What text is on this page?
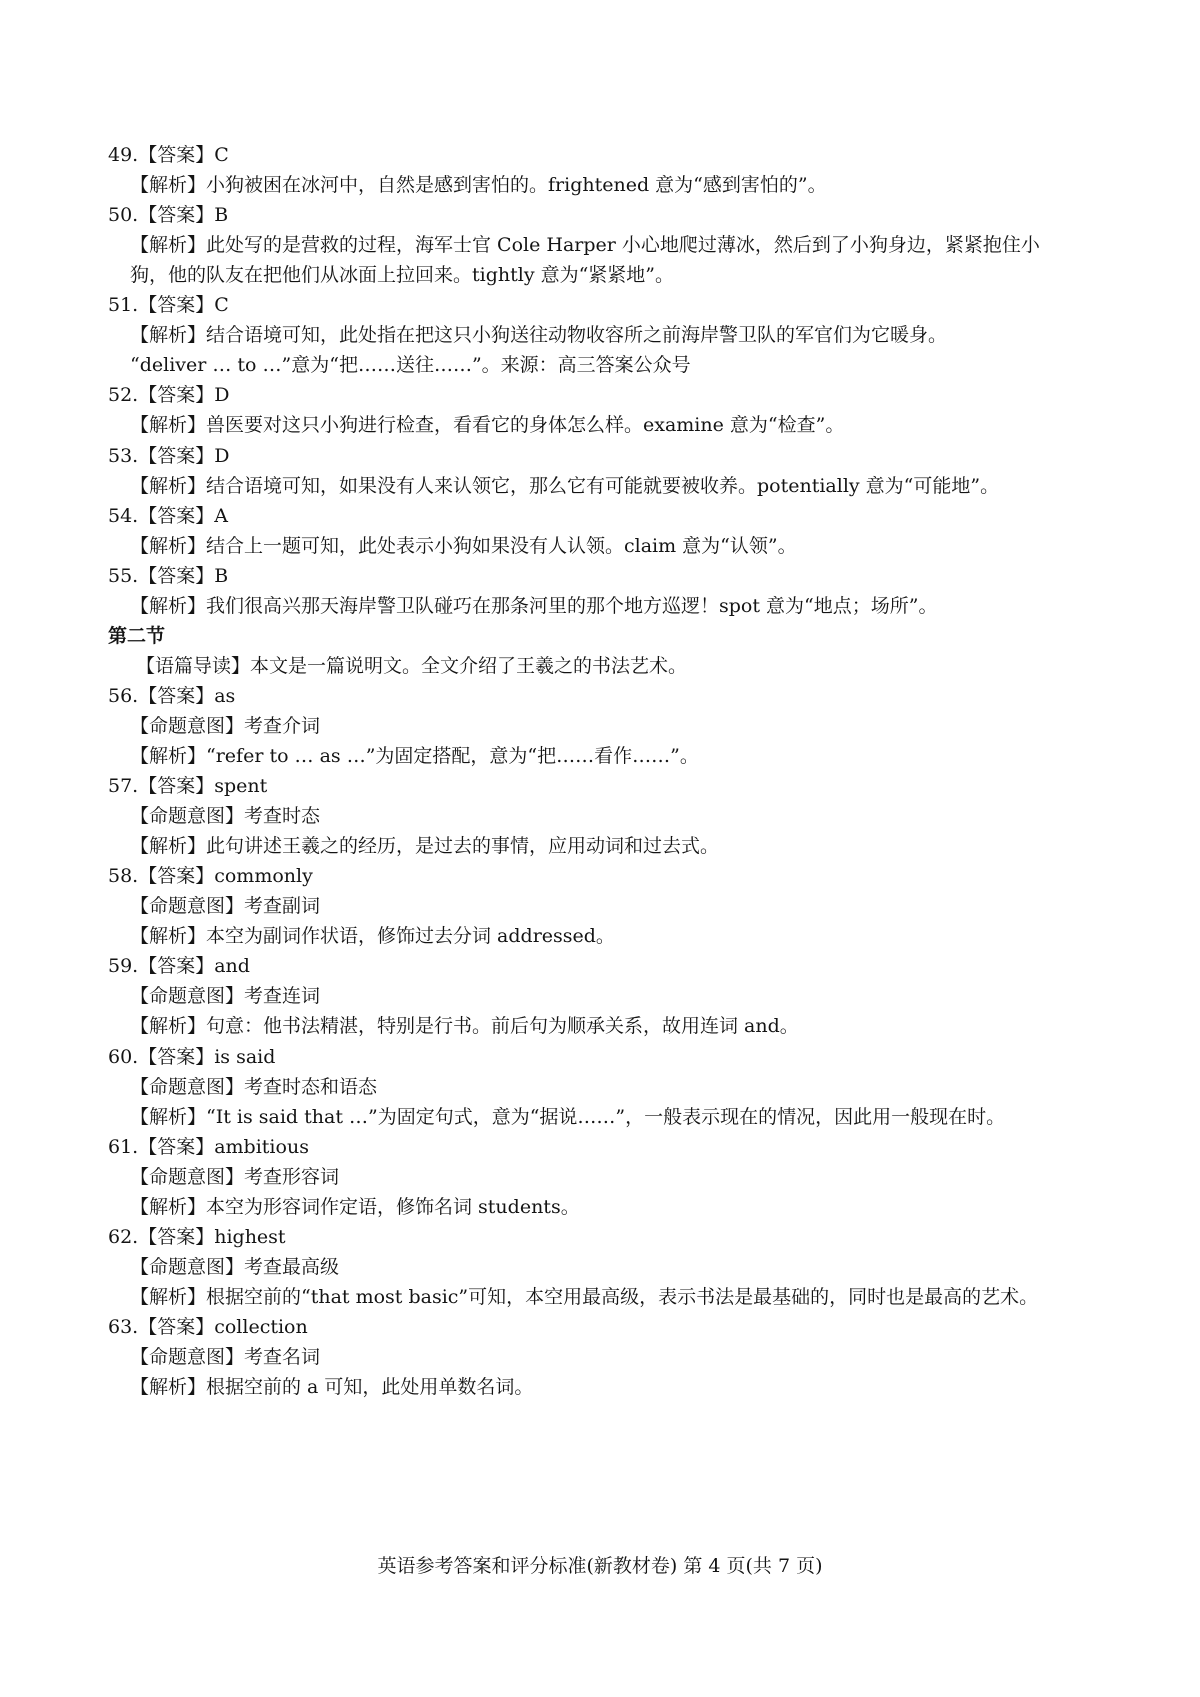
49.【答案】C
【解析】小狗被困在冰河中，自然是感到害怕的。frightened 意为“感到害怕的”。
50.【答案】B
【解析】此处写的是营救的过程，海军士官 Cole Harper 小心地爬过薄冰，然后到了小狗身边，紧紧抱住小
狗，他的队友在把他们从冰面上拉回来。tightly 意为“紧紧地”。
51.【答案】C
【解析】结合语境可知，此处指在把这只小狗送往动物收容所之前海岸警卫队的军官们为它暖身。
“deliver … to …”意为“把……送往……”。来源：高三答案公众号
52.【答案】D
【解析】兽医要对这只小狗进行检查，看看它的身体怎么样。examine 意为“检查”。
53.【答案】D
【解析】结合语境可知，如果没有人来认领它，那么它有可能就要被收养。potentially 意为“可能地”。
54.【答案】A
【解析】结合上一题可知，此处表示小狗如果没有人认领。claim 意为“认领”。
55.【答案】B
【解析】我们很高兴那天海岸警卫队碰巧在那条河里的那个地方巡逻！spot 意为“地点；场所”。
第二节
【语篇导读】本文是一篇说明文。全文介绍了王羲之的书法艺术。
56.【答案】as
【命题意图】考查介词
【解析】“refer to … as …”为固定搭配，意为“把……看作……”。
57.【答案】spent
【命题意图】考查时态
【解析】此句讲述王羲之的经历，是过去的事情，应用动词和过去式。
58.【答案】commonly
【命题意图】考查副词
【解析】本空为副词作状语，修饰过去分词 addressed。
59.【答案】and
【命题意图】考查连词
【解析】句意：他书法精湛，特别是行书。前后句为顺承关系，故用连词 and。
60.【答案】is said
【命题意图】考查时态和语态
【解析】“It is said that …”为固定句式，意为“据说……”，一般表示现在的情况，因此用一般现在时。
61.【答案】ambitious
【命题意图】考查形容词
【解析】本空为形容词作定语，修饰名词 students。
62.【答案】highest
【命题意图】考查最高级
【解析】根据空前的“that most basic”可知，本空用最高级，表示书法是最基础的，同时也是最高的艺术。
63.【答案】collection
【命题意图】考查名词
【解析】根据空前的 a 可知，此处用单数名词。
英语参考答案和评分标准(新教材卷) 第 4 页(共 7 页)
